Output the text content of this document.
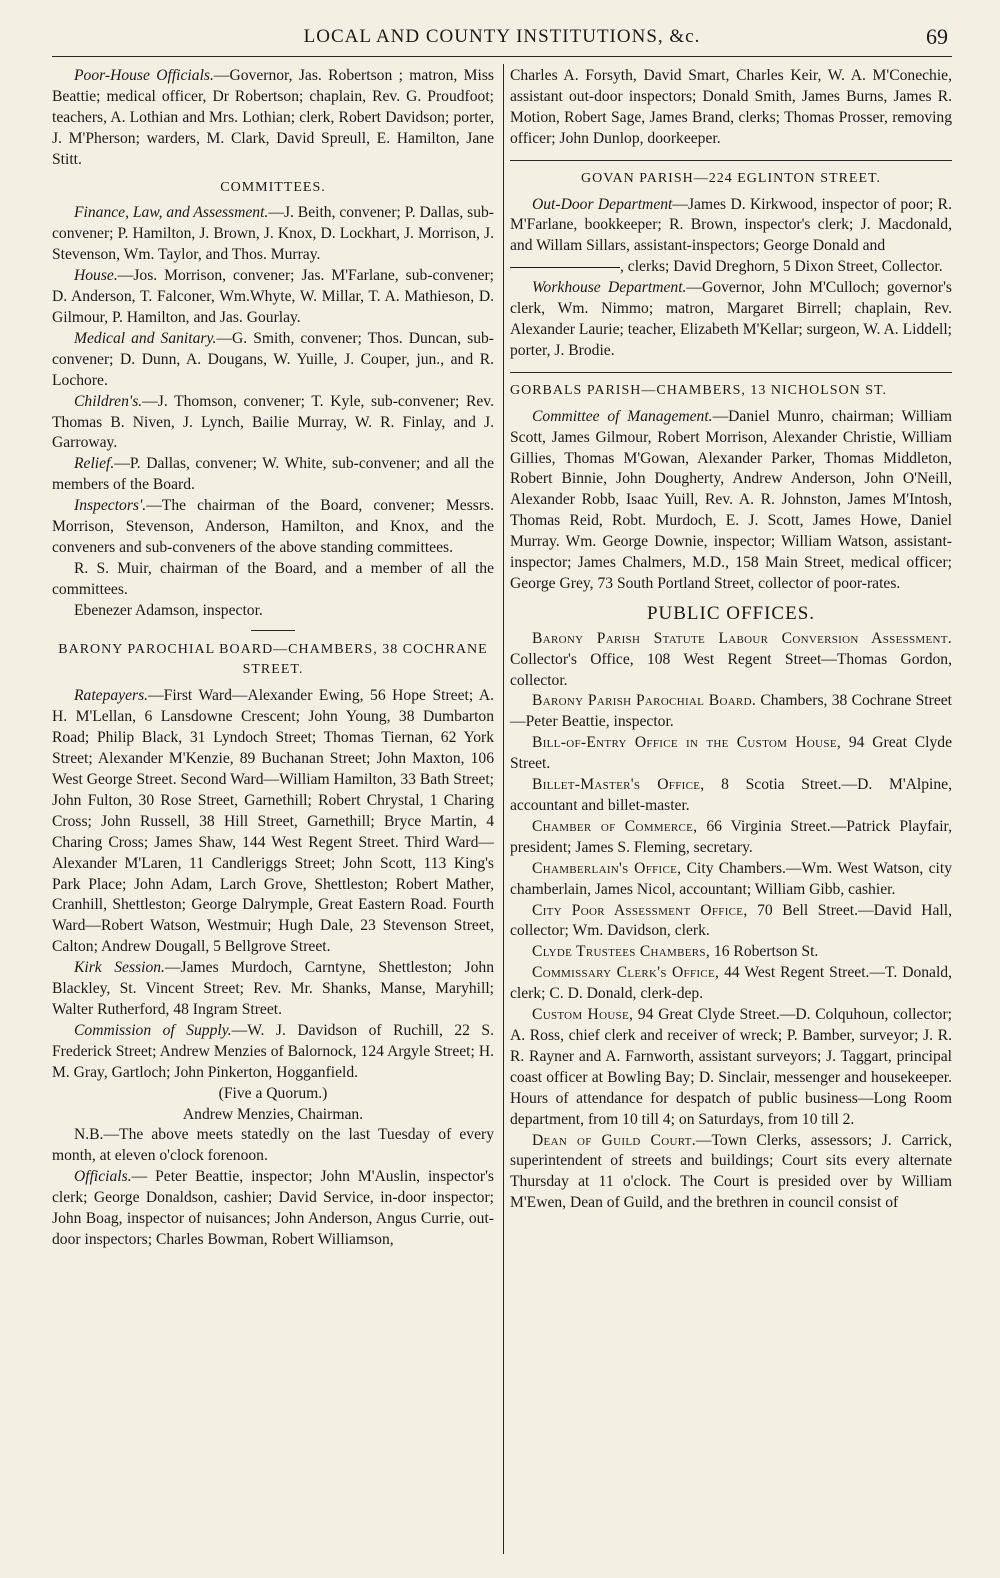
LOCAL AND COUNTY INSTITUTIONS, &c.	69

Poor-House Officials.—Governor, Jas. Robertson ; matron, Miss Beattie; medical officer, Dr Robertson; chaplain, Rev. G. Proudfoot; teachers, A. Lothian and Mrs. Lothian; clerk, Robert Davidson; porter, J. M'Pherson; warders, M. Clark, David Spreull, E. Hamilton, Jane Stitt.

COMMITTEES.

Finance, Law, and Assessment.—J. Beith, convener; P. Dallas, sub-convener; P. Hamilton, J. Brown, J. Knox, D. Lockhart, J. Morrison, J. Stevenson, Wm. Taylor, and Thos. Murray.

House.—Jos. Morrison, convener; Jas. M'Farlane, sub-convener; D. Anderson, T. Falconer, Wm.Whyte, W. Millar, T. A. Mathieson, D. Gilmour, P. Hamilton, and Jas. Gourlay.

Medical and Sanitary.—G. Smith, convener; Thos. Duncan, sub-convener; D. Dunn, A. Dougans, W. Yuille, J. Couper, jun., and R. Lochore.

Children's.—J. Thomson, convener; T. Kyle, sub-convener; Rev. Thomas B. Niven, J. Lynch, Bailie Murray, W. R. Finlay, and J. Garroway.

Relief.—P. Dallas, convener; W. White, sub-convener; and all the members of the Board.

Inspectors'.—The chairman of the Board, convener; Messrs. Morrison, Stevenson, Anderson, Hamilton, and Knox, and the conveners and sub-conveners of the above standing committees.

R. S. Muir, chairman of the Board, and a member of all the committees.

Ebenezer Adamson, inspector.

BARONY PAROCHIAL BOARD—CHAMBERS, 38 COCHRANE STREET.

Ratepayers.—First Ward—Alexander Ewing, 56 Hope Street; A. H. M'Lellan, 6 Lansdowne Crescent; John Young, 38 Dumbarton Road; Philip Black, 31 Lyndoch Street; Thomas Tiernan, 62 York Street; Alexander M'Kenzie, 89 Buchanan Street; John Maxton, 106 West George Street. Second Ward—William Hamilton, 33 Bath Street; John Fulton, 30 Rose Street, Garnethill; Robert Chrystal, 1 Charing Cross; John Russell, 38 Hill Street, Garnethill; Bryce Martin, 4 Charing Cross; James Shaw, 144 West Regent Street. Third Ward—Alexander M'Laren, 11 Candleriggs Street; John Scott, 113 King's Park Place; John Adam, Larch Grove, Shettleston; Robert Mather, Cranhill, Shettleston; George Dalrymple, Great Eastern Road. Fourth Ward—Robert Watson, Westmuir; Hugh Dale, 23 Stevenson Street, Calton; Andrew Dougall, 5 Bellgrove Street.

Kirk Session.—James Murdoch, Carntyne, Shettleston; John Blackley, St. Vincent Street; Rev. Mr. Shanks, Manse, Maryhill; Walter Rutherford, 48 Ingram Street.

Commission of Supply.—W. J. Davidson of Ruchill, 22 S. Frederick Street; Andrew Menzies of Balornock, 124 Argyle Street; H. M. Gray, Gartloch; John Pinkerton, Hogganfield.

(Five a Quorum.)

Andrew Menzies, Chairman.

N.B.—The above meets statedly on the last Tuesday of every month, at eleven o'clock forenoon.

Officials.— Peter Beattie, inspector; John M'Auslin, inspector's clerk; George Donaldson, cashier; David Service, in-door inspector; John Boag, inspector of nuisances; John Anderson, Angus Currie, out-door inspectors; Charles Bowman, Robert Williamson,

Charles A. Forsyth, David Smart, Charles Keir, W. A. M'Conechie, assistant out-door inspectors; Donald Smith, James Burns, James R. Motion, Robert Sage, James Brand, clerks; Thomas Prosser, removing officer; John Dunlop, doorkeeper.

GOVAN PARISH—224 EGLINTON STREET.

Out-Door Department—James D. Kirkwood, inspector of poor; R. M'Farlane, bookkeeper; R. Brown, inspector's clerk; J. Macdonald, and Willam Sillars, assistant-inspectors; George Donald and
, clerks; David Dreghorn, 5 Dixon Street, Collector.

Workhouse Department.—Governor, John M'Culloch; governor's clerk, Wm. Nimmo; matron, Margaret Birrell; chaplain, Rev. Alexander Laurie; teacher, Elizabeth M'Kellar; surgeon, W. A. Liddell; porter, J. Brodie.

GORBALS PARISH—CHAMBERS, 13 NICHOLSON ST.

Committee of Management.—Daniel Munro, chairman; William Scott, James Gilmour, Robert Morrison, Alexander Christie, William Gillies, Thomas M'Gowan, Alexander Parker, Thomas Middleton, Robert Binnie, John Dougherty, Andrew Anderson, John O'Neill, Alexander Robb, Isaac Yuill, Rev. A. R. Johnston, James M'Intosh, Thomas Reid, Robt. Murdoch, E. J. Scott, James Howe, Daniel Murray. Wm. George Downie, inspector; William Watson, assistant-inspector; James Chalmers, M.D., 158 Main Street, medical officer; George Grey, 73 South Portland Street, collector of poor-rates.

PUBLIC OFFICES.

Barony Parish Statute Labour Conversion Assessment. Collector's Office, 108 West Regent Street—Thomas Gordon, collector.

Barony Parish Parochial Board. Chambers, 38 Cochrane Street—Peter Beattie, inspector.

Bill-of-Entry Office in the Custom House, 94 Great Clyde Street.

Billet-Master's Office, 8 Scotia Street.—D. M'Alpine, accountant and billet-master.

Chamber of Commerce, 66 Virginia Street.—Patrick Playfair, president; James S. Fleming, secretary.

Chamberlain's Office, City Chambers.—Wm. West Watson, city chamberlain, James Nicol, accountant; William Gibb, cashier.

City Poor Assessment Office, 70 Bell Street.—David Hall, collector; Wm. Davidson, clerk.

Clyde Trustees Chambers, 16 Robertson St.

Commissary Clerk's Office, 44 West Regent Street.—T. Donald, clerk; C. D. Donald, clerk-dep.

Custom House, 94 Great Clyde Street.—D. Colquhoun, collector; A. Ross, chief clerk and receiver of wreck; P. Bamber, surveyor; J. R. R. Rayner and A. Farnworth, assistant surveyors; J. Taggart, principal coast officer at Bowling Bay; D. Sinclair, messenger and housekeeper. Hours of attendance for despatch of public business—Long Room department, from 10 till 4; on Saturdays, from 10 till 2.

Dean of Guild Court.—Town Clerks, assessors; J. Carrick, superintendent of streets and buildings; Court sits every alternate Thursday at 11 o'clock. The Court is presided over by William M'Ewen, Dean of Guild, and the brethren in council consist of
